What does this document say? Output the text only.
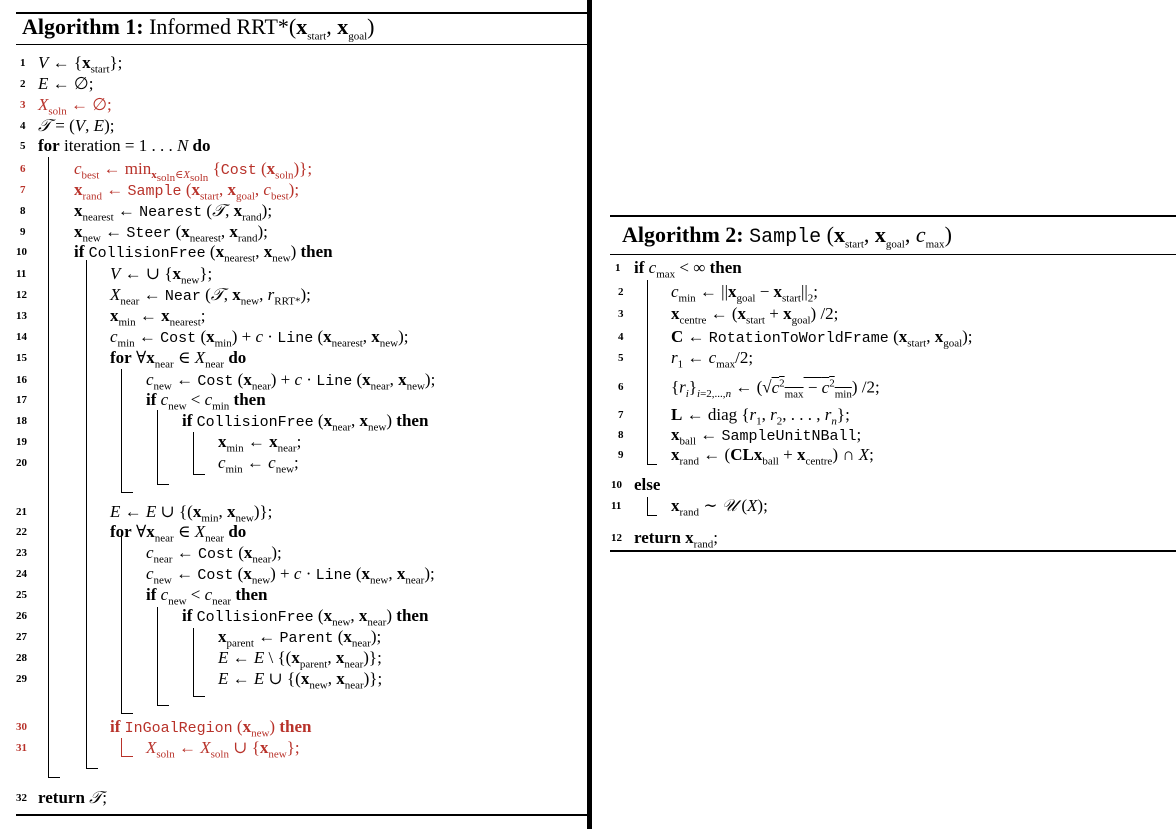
Algorithm 1: Informed $RRT*(x_{start}$, $x_{goal}$)
1 V ← $\{x_{start}\}$;
2 E ← ∅;
3 $X_{soln}$ ← ∅;
4 𝒯 = (V, E);
5 for iteration = 1 . . . N do
6	$c_{best}$ ← $\min_{x_{soln}\in X_{soln}}$ {Cost $(x_{soln})$};
7	$x_{rand}$ ← Sample ($x_{start}$, $x_{goal}$, $c_{best}$);
8	$x_{nearest}$ ← Nearest (𝒯, $x_{rand}$);
9	$x_{new}$ ← Steer ($x_{nearest}$, $x_{rand}$);
10	if CollisionFree ($x_{nearest}$, $x_{new}$) then
11	V ← ∪ $\{x_{new}\}$;
12	$X_{near}$ ← Near (𝒯, $x_{new}$, $r_{RRT*}$);
13	$x_{min}$ ← $x_{nearest}$;
14	$c_{min}$ ← Cost $(x_{min}) + c$ · Line ($x_{nearest}$, $x_{new}$);
15	for $\forall x_{near}$ ∈ $X_{near}$ do
16	$c_{new}$ ← Cost $(x_{near}) + c$ · Line ($x_{near}$, $x_{new}$);
17	if $c_{new} < c_{min}$ then
18	if CollisionFree ($x_{near}$, $x_{new}$) then
19	$x_{min}$ ← $x_{near}$;
20	$c_{min}$ ← $c_{new}$;
21	E ← E ∪ {($x_{min}$, $x_{new}$)};
22	for $\forall x_{near}$ ∈ $X_{near}$ do
23	$c_{near}$ ← Cost $(x_{near})$;
24	$c_{new}$ ← Cost $(x_{new}) + c$ · Line ($x_{new}$, $x_{near}$);
25	if $c_{new} < c_{near}$ then
26	if CollisionFree ($x_{new}$, $x_{near}$) then
27	$x_{parent}$ ← Parent $(x_{near})$;
28	E ← E \ {($x_{parent}$, $x_{near}$)};
29	E ← E ∪ {($x_{new}$, $x_{near}$)};
30	if InGoalRegion $(x_{new})$ then
31	$X_{soln}$ ← $X_{soln}$ ∪ $\{x_{new}\}$;
32 return 𝒯;
Algorithm 2: Sample ($x_{start}$, $x_{goal}$, $c_{max}$)
1 if $c_{max}$ < ∞ then
2	$c_{min}$ ← $||x_{goal} - x_{start}||_2$;
3	$x_{centre}$ ← $(x_{start} + x_{goal})$ /2;
4	C ← RotationToWorldFrame ($x_{start}$, $x_{goal}$);
5	$r_1$ ← $c_{max}/2$;
6	$\{r_i\}_{i=2,...,n}$ ← $(√c^2_{max} - c^2_{min})$ /2;
7	L ← diag {$r_1$, $r_2$, . . . , $r_n$};
8	$x_{ball}$ ← SampleUnitNBall;
9	$x_{rand}$ ← $(CLx_{ball} + x_{centre})$ ∩ X;
10 else
11	$x_{rand}$ ∼ 𝒰 (X);
12 return $x_{rand}$;
